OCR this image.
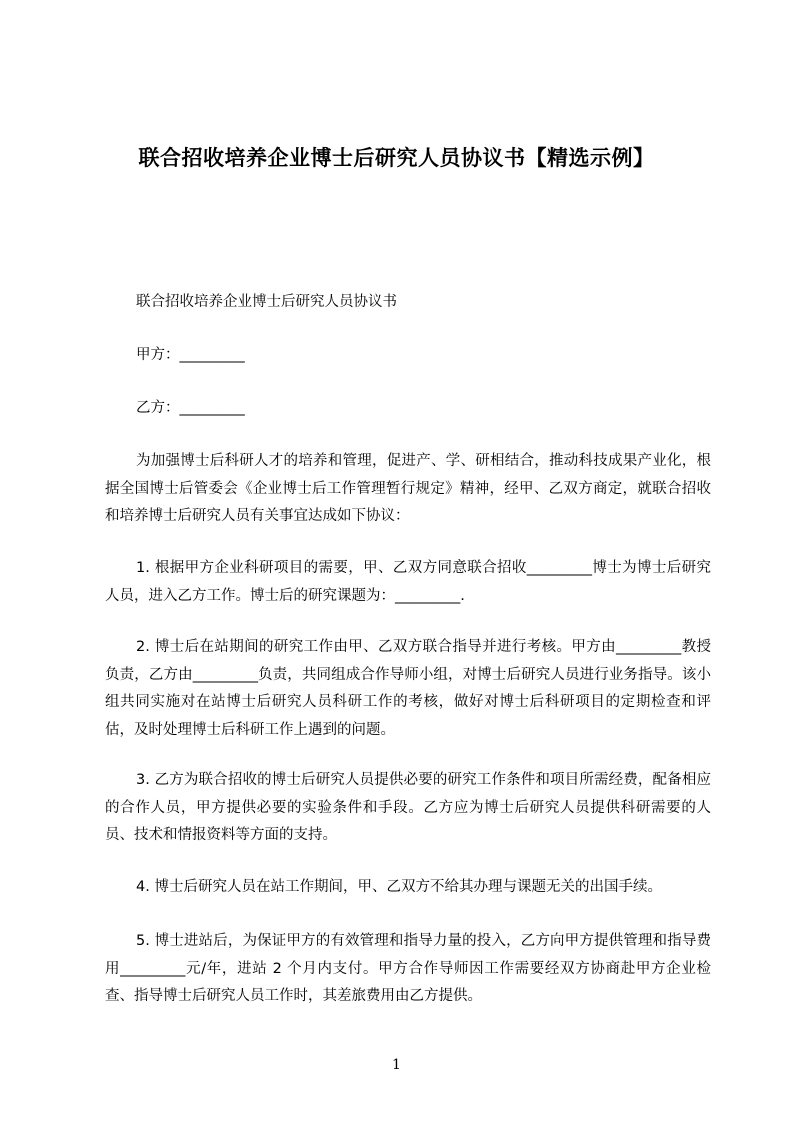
联合招收培养企业博士后研究人员协议书【精选示例】

联合招收培养企业博士后研究人员协议书

甲方：_________

乙方：_________

为加强博士后科研人才的培养和管理，促进产、学、研相结合，推动科技成果产业化，根据全国博士后管委会《企业博士后工作管理暂行规定》精神，经甲、乙双方商定，就联合招收和培养博士后研究人员有关事宜达成如下协议：

1. 根据甲方企业科研项目的需要，甲、乙双方同意联合招收_________博士为博士后研究人员，进入乙方工作。博士后的研究课题为：_________.

2. 博士后在站期间的研究工作由甲、乙双方联合指导并进行考核。甲方由_________教授负责，乙方由_________负责，共同组成合作导师小组，对博士后研究人员进行业务指导。该小组共同实施对在站博士后研究人员科研工作的考核，做好对博士后科研项目的定期检查和评估，及时处理博士后科研工作上遇到的问题。

3. 乙方为联合招收的博士后研究人员提供必要的研究工作条件和项目所需经费，配备相应的合作人员，甲方提供必要的实验条件和手段。乙方应为博士后研究人员提供科研需要的人员、技术和情报资料等方面的支持。

4. 博士后研究人员在站工作期间，甲、乙双方不给其办理与课题无关的出国手续。

5. 博士进站后，为保证甲方的有效管理和指导力量的投入，乙方向甲方提供管理和指导费用_________元/年，进站 2 个月内支付。甲方合作导师因工作需要经双方协商赴甲方企业检查、指导博士后研究人员工作时，其差旅费用由乙方提供。

1
